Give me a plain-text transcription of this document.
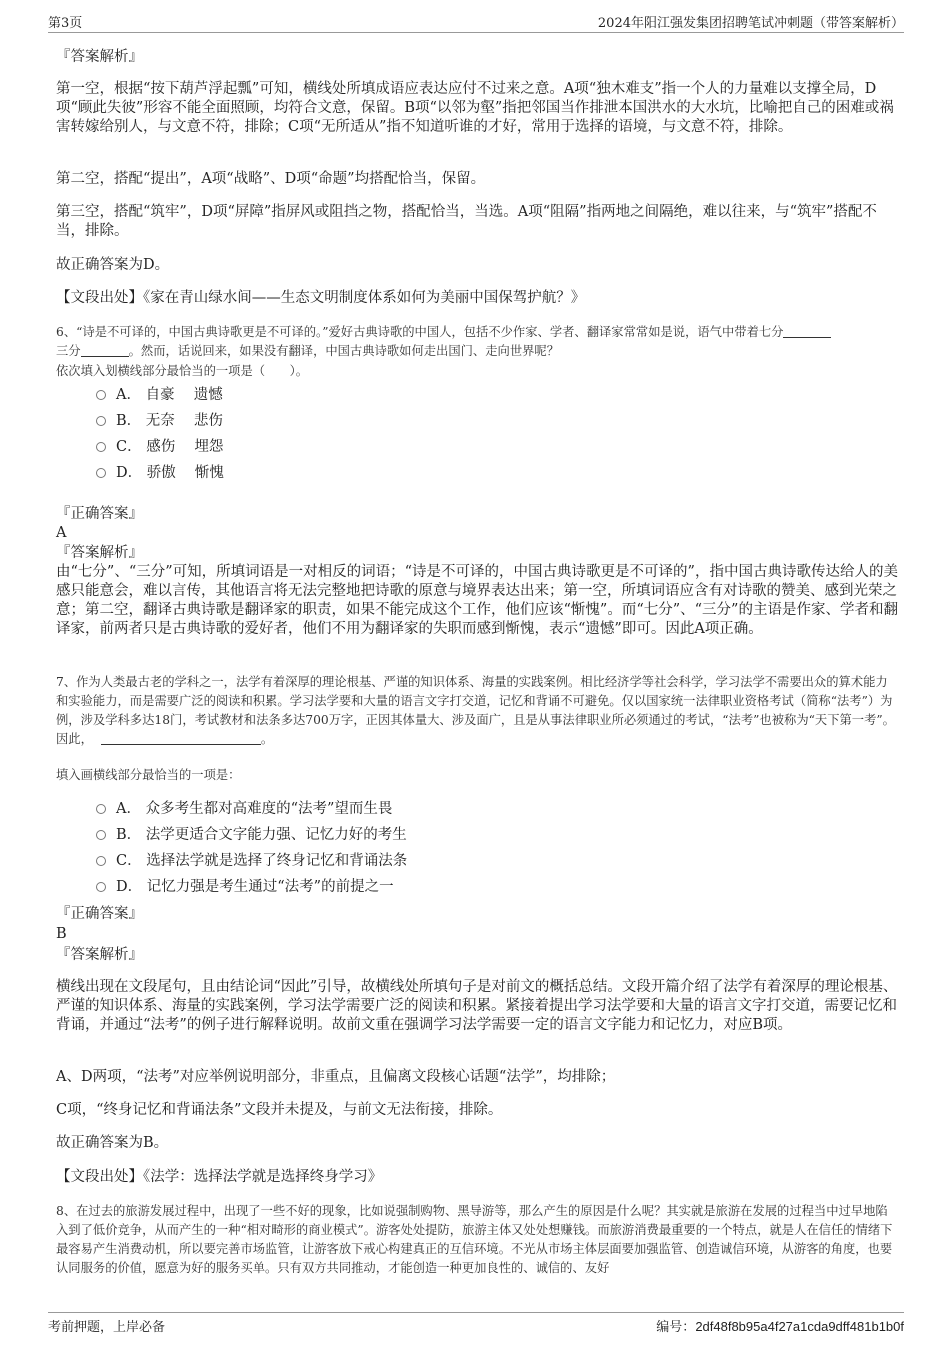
第3页	2024年阳江强发集团招聘笔试冲刺题（带答案解析）
『答案解析』
第一空，根据“按下葫芦浮起瓢”可知，横线处所填成语应表达应付不过来之意。A项“独木难支”指一个人的力量难以支撑全局，D项“顾此失彼”形容不能全面照顾，均符合文意，保留。B项“以邻为壑”指把邻国当作排泄本国洪水的大水坑，比喻把自己的困难或祸害转嫁给别人，与文意不符，排除；C项“无所适从”指不知道听谁的才好，常用于选择的语境，与文意不符，排除。
第二空，搭配“提出”，A项“战略”、D项“命题”均搭配恰当，保留。
第三空，搭配“筑牢”，D项“屏障”指屏风或阻挡之物，搭配恰当，当选。A项“阻隔”指两地之间隔绝，难以往来，与“筑牢”搭配不当，排除。
故正确答案为D。
【文段出处】《家在青山绿水间——生态文明制度体系如何为美丽中国保驾护航？》
6、“诗是不可译的，中国古典诗歌更是不可译的。”爱好古典诗歌的中国人，包括不少作家、学者、翻译家常常如是说，语气中带着七分
三分	。然而，话说回来，如果没有翻译，中国古典诗歌如何走出国门、走向世界呢？
依次填入划横线部分最恰当的一项是（　　）。
A． 自豪　 遗憾
B． 无奈　 悲伤
C． 感伤　 埋怨
D． 骄傲　 惭愧
『正确答案』
A
『答案解析』
由“七分”、“三分”可知，所填词语是一对相反的词语；“诗是不可译的，中国古典诗歌更是不可译的”，指中国古典诗歌传达给人的美感只能意会，难以言传，其他语言将无法完整地把诗歌的原意与境界表达出来；第一空，所填词语应含有对诗歌的赞美、感到光荣之意；第二空，翻译古典诗歌是翻译家的职责，如果不能完成这个工作，他们应该“惭愧”。而“七分”、“三分”的主语是作家、学者和翻译家，前两者只是古典诗歌的爱好者，他们不用为翻译家的失职而感到惭愧，表示“遗憾”即可。因此A项正确。
7、作为人类最古老的学科之一，法学有着深厚的理论根基、严谨的知识体系、海量的实践案例。相比经济学等社会科学，学习法学不需要出众的算术能力和实验能力，而是需要广泛的阅读和积累。学习法学要和大量的语言文字打交道，记忆和背诵不可避免。仅以国家统一法律职业资格考试（简称“法考”）为例，涉及学科多达18门，考试教材和法条多达700万字，正因其体量大、涉及面广，且是从事法律职业所必须通过的考试，“法考”也被称为“天下第一考”。因此，	。
填入画横线部分最恰当的一项是：
A． 众多考生都对高难度的“法考”望而生畏
B． 法学更适合文字能力强、记忆力好的考生
C． 选择法学就是选择了终身记忆和背诵法条
D． 记忆力强是考生通过“法考”的前提之一
『正确答案』
B
『答案解析』
横线出现在文段尾句，且由结论词“因此”引导，故横线处所填句子是对前文的概括总结。文段开篇介绍了法学有着深厚的理论根基、严谨的知识体系、海量的实践案例，学习法学需要广泛的阅读和积累。紧接着提出学习法学要和大量的语言文字打交道，需要记忆和背诵，并通过“法考”的例子进行解释说明。故前文重在强调学习法学需要一定的语言文字能力和记忆力，对应B项。
A、D两项，“法考”对应举例说明部分，非重点，且偏离文段核心话题“法学”，均排除；
C项，“终身记忆和背诵法条”文段并未提及，与前文无法衔接，排除。
故正确答案为B。
【文段出处】《法学：选择法学就是选择终身学习》
8、在过去的旅游发展过程中，出现了一些不好的现象，比如说强制购物、黑导游等，那么产生的原因是什么呢？其实就是旅游在发展的过程当中过早地陷入到了低价竞争，从而产生的一种“相对畸形的商业模式”。游客处处提防，旅游主体又处处想赚钱。而旅游消费最重要的一个特点，就是人在信任的情绪下最容易产生消费动机，所以要完善市场监管，让游客放下戒心构建真正的互信环境。不光从市场主体层面要加强监管、创造诚信环境，从游客的角度，也要认同服务的价值，愿意为好的服务买单。只有双方共同推动，才能创造一种更加良性的、诚信的、友好
考前押题，上岸必备	编号：2df48f8b95a4f27a1cda9dff481b1b0f
